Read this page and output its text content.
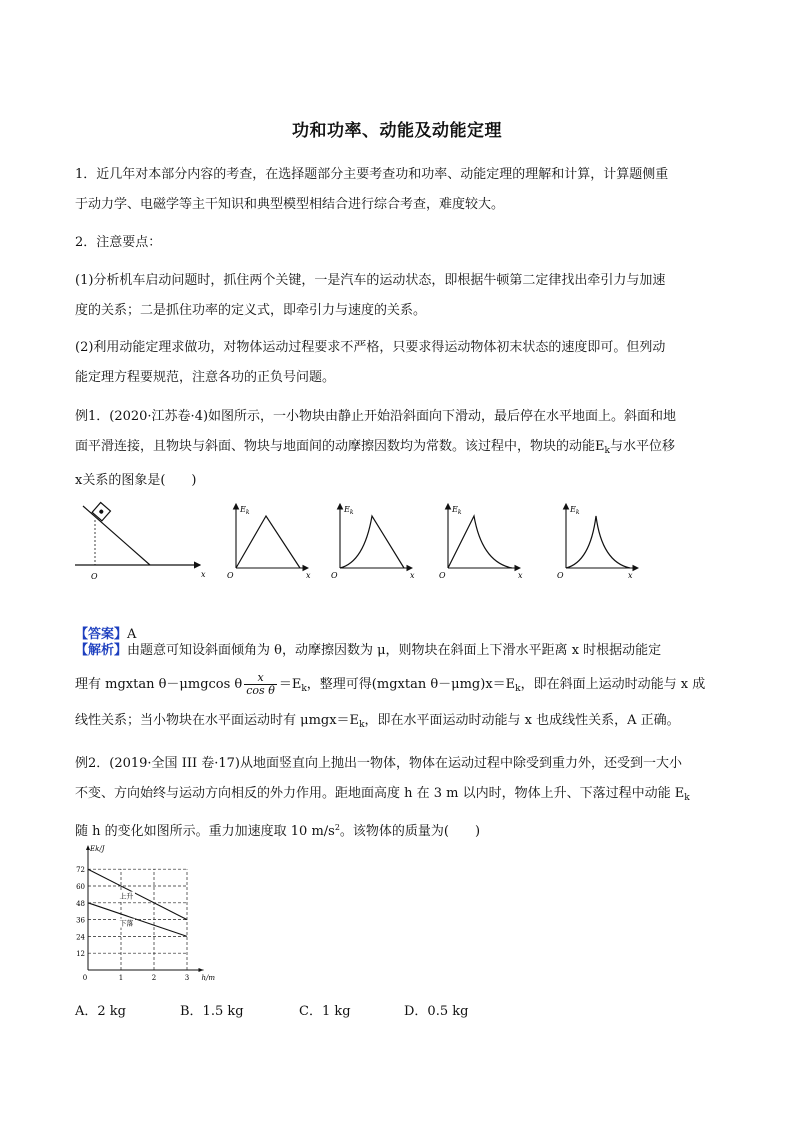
功和功率、动能及动能定理
1．近几年对本部分内容的考查，在选择题部分主要考查功和功率、动能定理的理解和计算，计算题侧重
于动力学、电磁学等主干知识和典型模型相结合进行综合考查，难度较大。
2．注意要点：
(1)分析机车启动问题时，抓住两个关键，一是汽车的运动状态，即根据牛顿第二定律找出牵引力与加速
度的关系；二是抓住功率的定义式，即牵引力与速度的关系。
(2)利用动能定理求做功，对物体运动过程要求不严格，只要求得运动物体初末状态的速度即可。但列动
能定理方程要规范，注意各功的正负号问题。
例1．(2020·江苏卷·4)如图所示，一小物块由静止开始沿斜面向下滑动，最后停在水平地面上。斜面和地
面平滑连接，且物块与斜面、物块与地面间的动摩擦因数均为常数。该过程中，物块的动能$E_k$与水平位移
x关系的图象是(　　)
O	x
$E_k$
O	x
$E_k$
O	x
$E_k$
O	x
$E_k$
O	x
【答案】A
【解析】由题意可知设斜面倾角为 θ，动摩擦因数为 μ，则物块在斜面上下滑水平距离 x 时根据动能定
理有 mgxtan θ－μmgcos θ $\frac{x}{\text{cos θ}} =E_k$，整理可得(mgxtan $\theta-\mu mg)x=E_k$，即在斜面上运动时动能与 x 成
线性关系；当小物块在水平面运动时有 $\mu mgx=E_k$，即在水平面运动时动能与 x 也成线性关系，A 正确。
例2．(2019·全国 III 卷·17)从地面竖直向上抛出一物体，物体在运动过程中除受到重力外，还受到一大小
不变、方向始终与运动方向相反的外力作用。距地面高度 h 在 3 m 以内时，物体上升、下落过程中动能 $E_k$
随 h 的变化如图所示。重力加速度取 10 $m/s^2$。该物体的质量为(　　)
12
24
36
48
60
72
0	1	2	3
Ek/J
h/m
上升
下落
A．2 kg	B．1.5 kg	C．1 kg	D．0.5 kg
